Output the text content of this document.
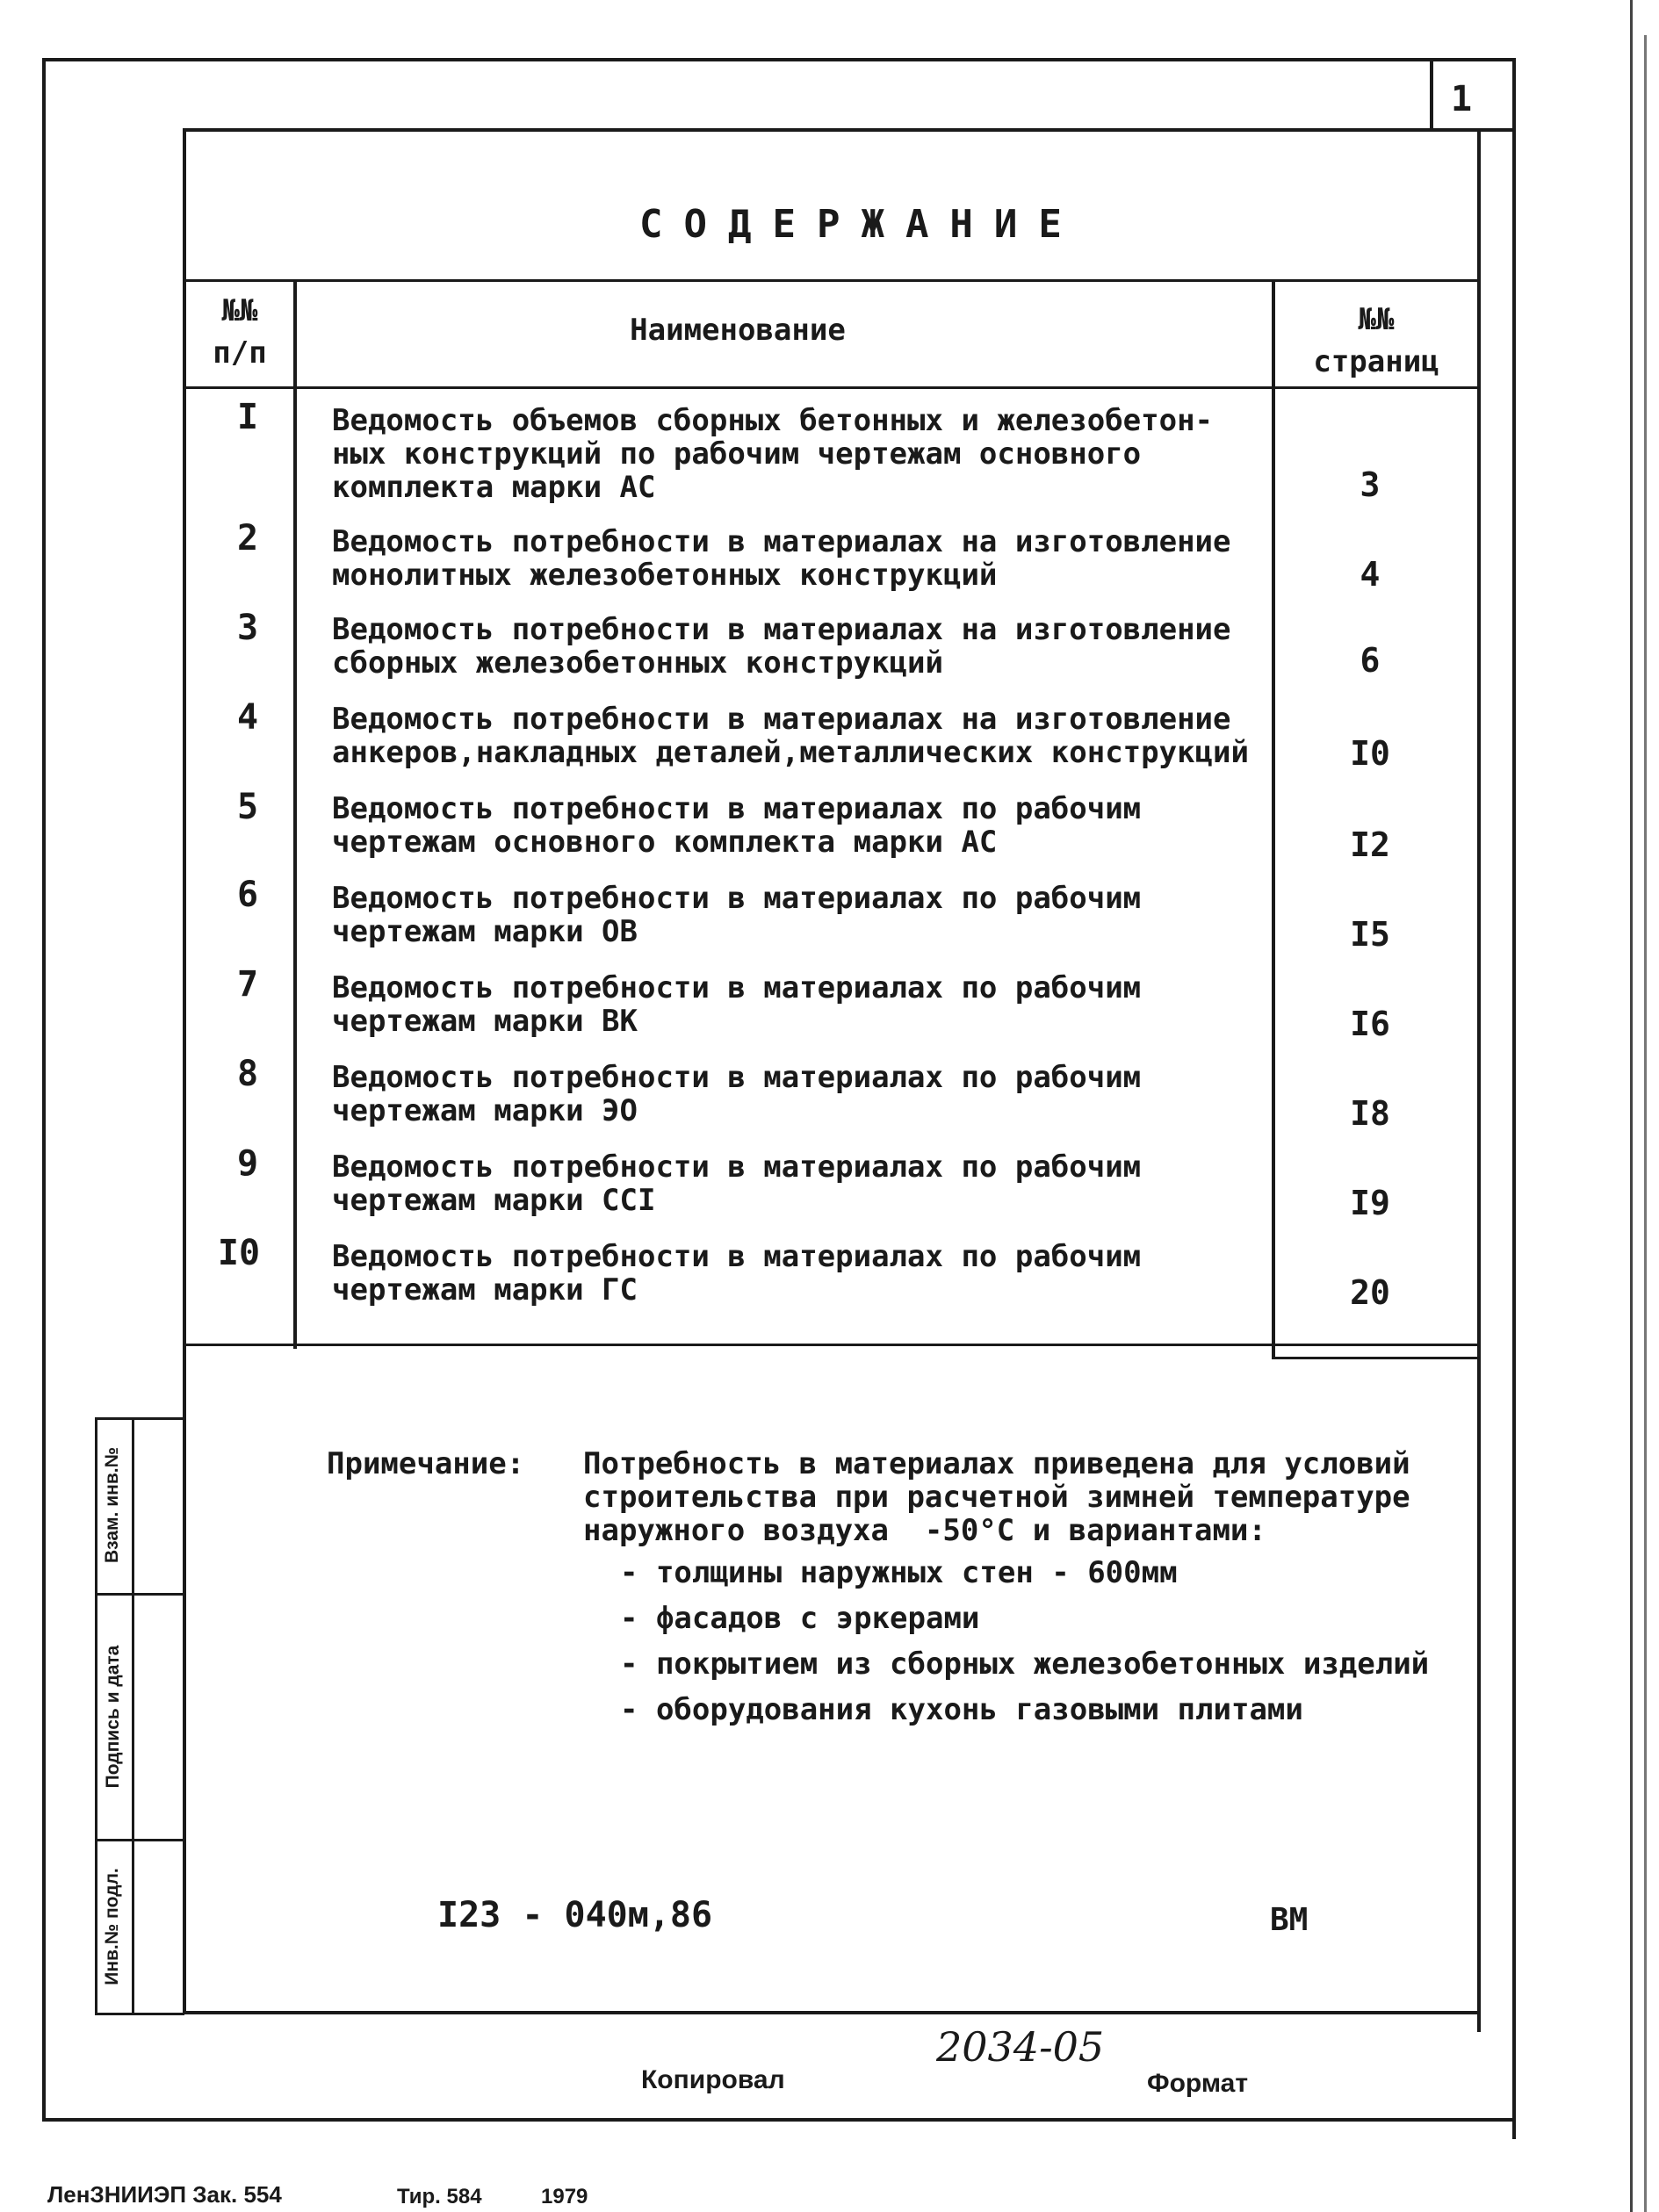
1
СОДЕРЖАНИЕ
№№
п/п
Наименование	№№
страниц
I	Ведомость объемов сборных бетонных и железобетон-
ных конструкций по рабочим чертежам основного
комплекта марки АС	3
2	Ведомость потребности в материалах на изготовление
монолитных железобетонных конструкций	4
3	Ведомость потребности в материалах на изготовление
сборных железобетонных конструкций	6
4	Ведомость потребности в материалах на изготовление
анкеров,накладных деталей,металлических конструкций	I0
5	Ведомость потребности в материалах по рабочим
чертежам основного комплекта марки АС	I2
6	Ведомость потребности в материалах по рабочим
чертежам марки ОВ	I5
7	Ведомость потребности в материалах по рабочим
чертежам марки ВК	I6
8	Ведомость потребности в материалах по рабочим
чертежам марки ЭО	I8
9	Ведомость потребности в материалах по рабочим
чертежам марки ССI	I9
I0	Ведомость потребности в материалах по рабочим
чертежам марки ГС	20
Примечание: Потребность в материалах приведена для условий
строительства при расчетной зимней температуре
наружного воздуха  -50°С и вариантами:
- толщины наружных стен - 600мм
- фасадов с эркерами
- покрытием из сборных железобетонных изделий
- оборудования кухонь газовыми плитами
I23 - 040м,86	ВМ
Инв.№ подл.
Подпись и дата
Взам. инв.№
2034-05
Копировал	Формат
ЛенЗНИИЭП Зак. 554	Тир. 584	1979
